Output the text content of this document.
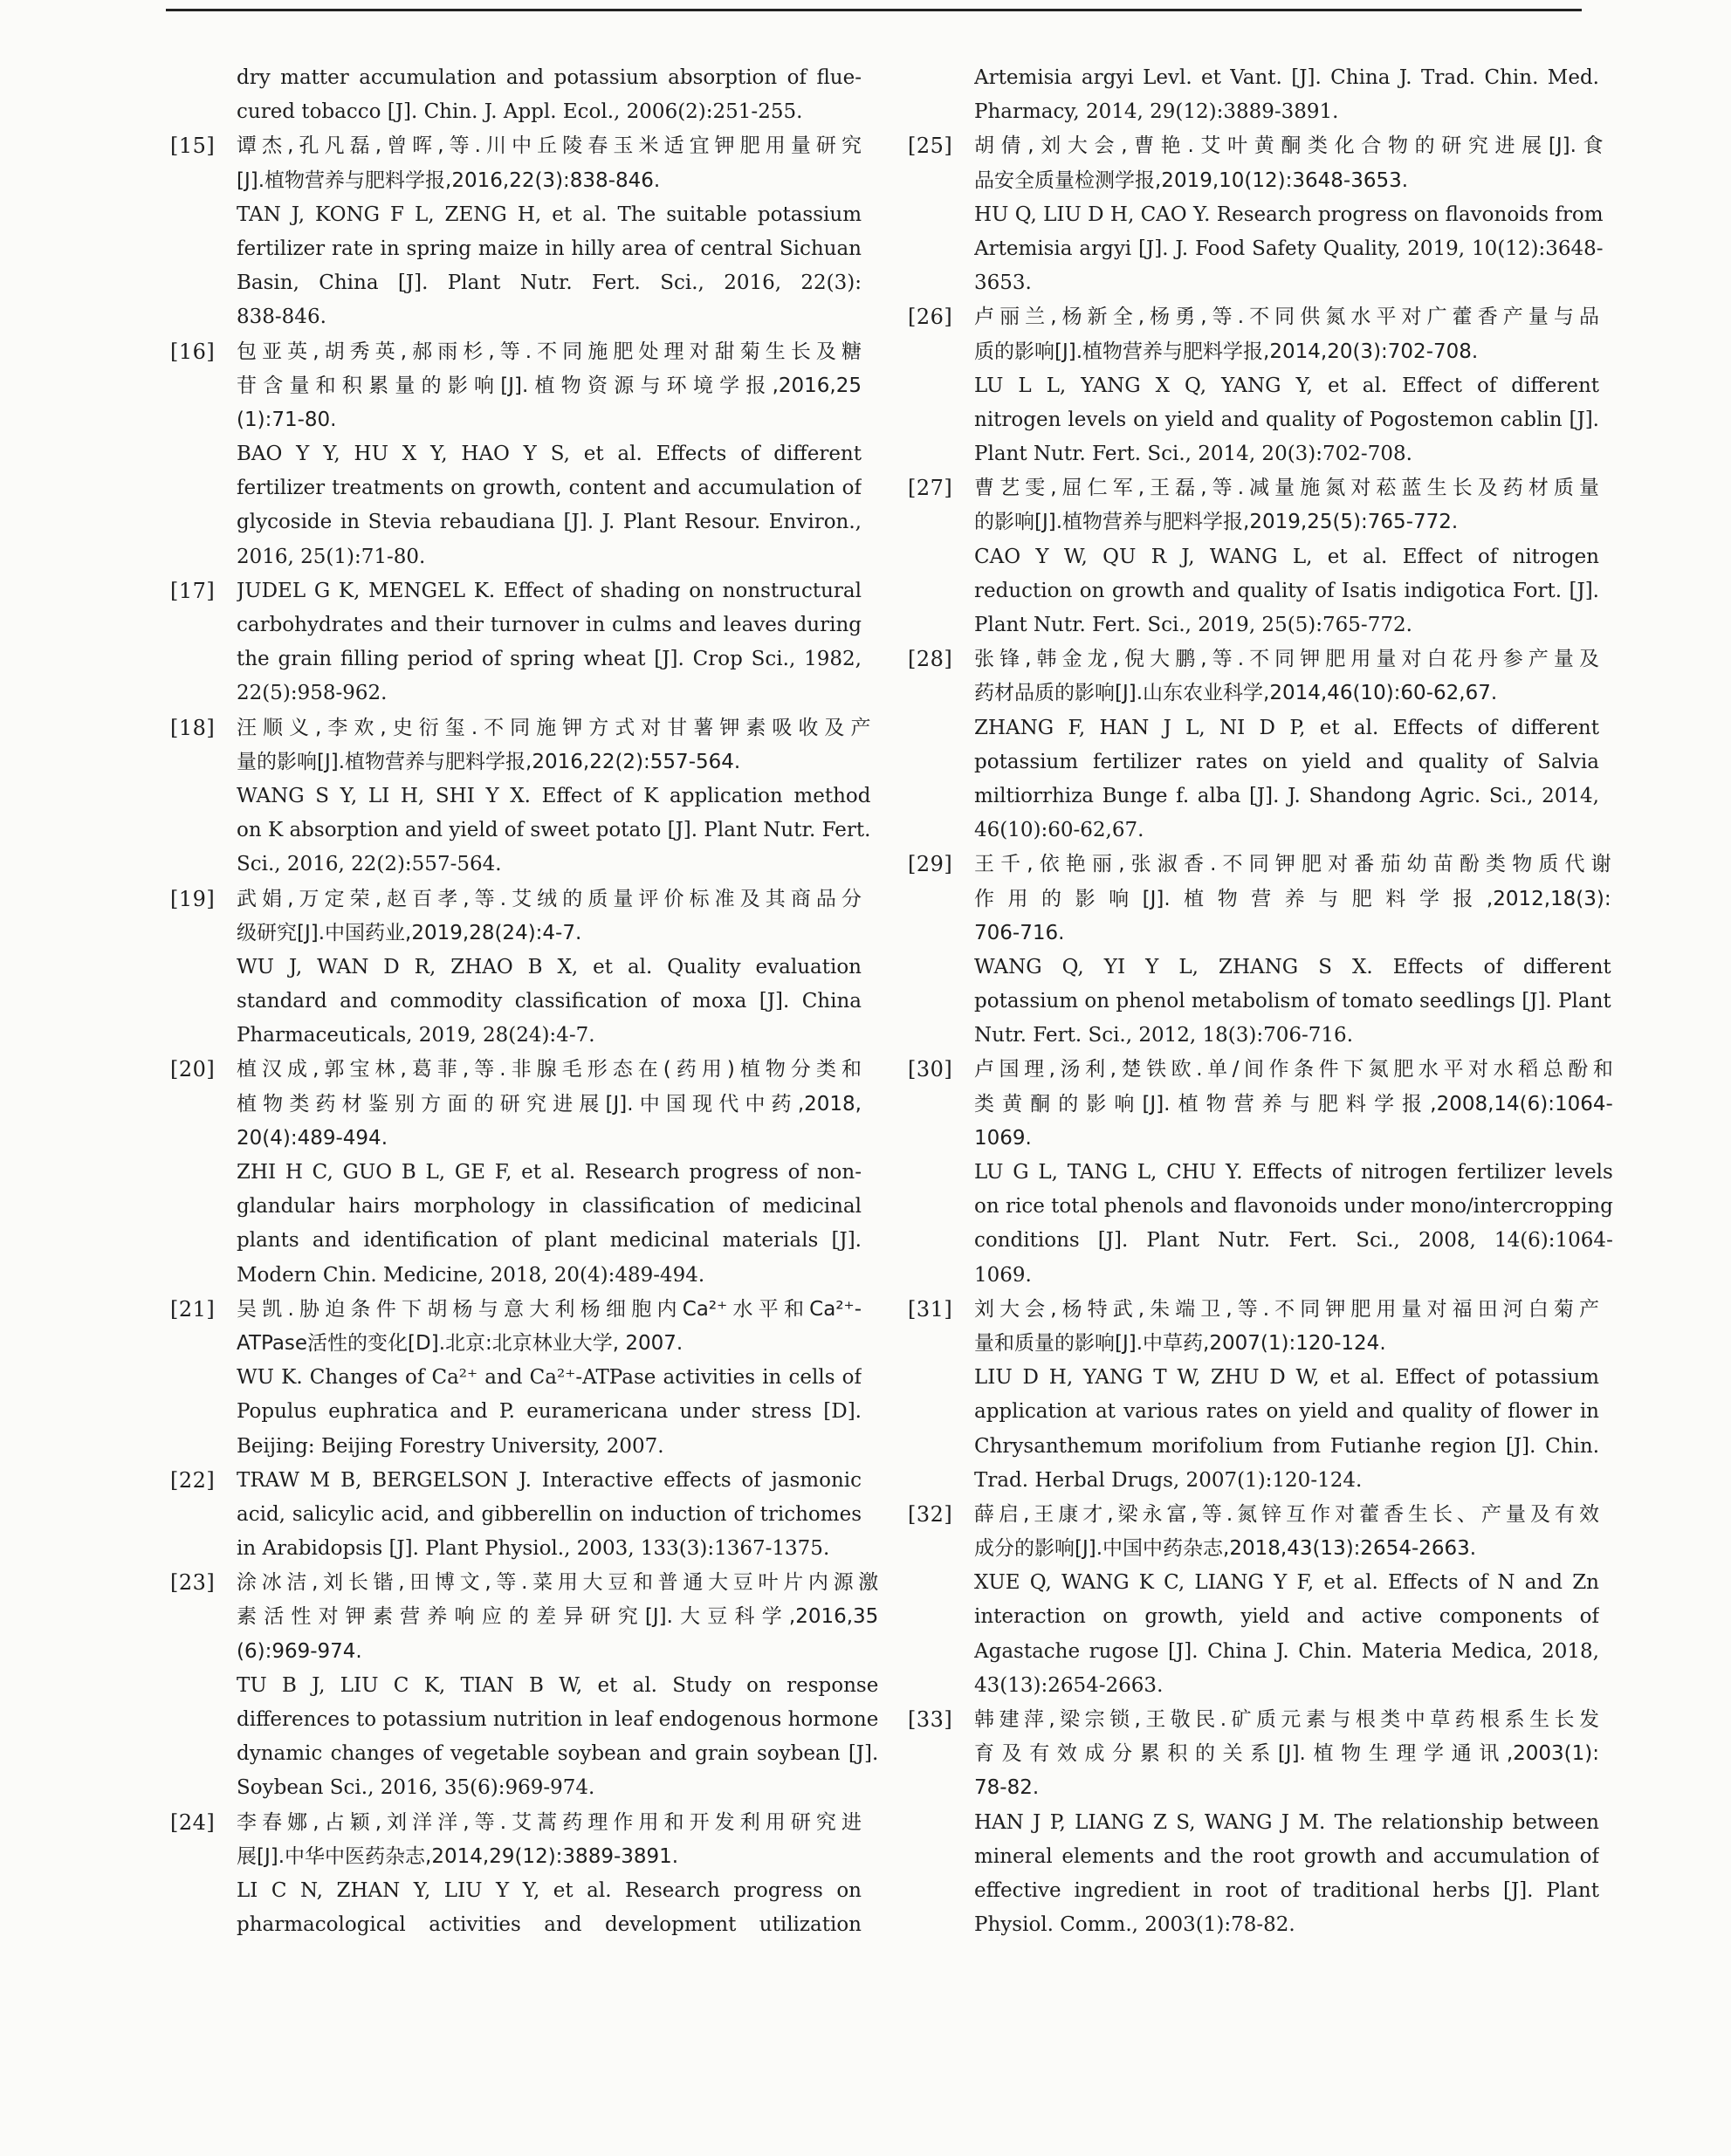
dry matter accumulation and potassium absorption of flue-
cured tobacco [J]. Chin. J. Appl. Ecol., 2006(2):251-255.
[15]	谭杰,孔凡磊,曾晖,等.川中丘陵春玉米适宜钾肥用量研究
[J].植物营养与肥料学报,2016,22(3):838-846.
TAN J, KONG F L, ZENG H, et al. The suitable potassium
fertilizer rate in spring maize in hilly area of central Sichuan
Basin, China [J]. Plant Nutr. Fert. Sci., 2016, 22(3):
838-846.
[16]	包亚英,胡秀英,郝雨杉,等.不同施肥处理对甜菊生长及糖
苷含量和积累量的影响[J].植物资源与环境学报,2016,25
(1):71-80.
BAO Y Y, HU X Y, HAO Y S, et al. Effects of different
fertilizer treatments on growth, content and accumulation of
glycoside in Stevia rebaudiana [J]. J. Plant Resour. Environ.,
2016, 25(1):71-80.
[17]	JUDEL G K, MENGEL K. Effect of shading on nonstructural
carbohydrates and their turnover in culms and leaves during
the grain filling period of spring wheat [J]. Crop Sci., 1982,
22(5):958-962.
[18]	汪顺义,李欢,史衍玺.不同施钾方式对甘薯钾素吸收及产
量的影响[J].植物营养与肥料学报,2016,22(2):557-564.
WANG S Y, LI H, SHI Y X. Effect of K application method
on K absorption and yield of sweet potato [J]. Plant Nutr. Fert.
Sci., 2016, 22(2):557-564.
[19]	武娟,万定荣,赵百孝,等.艾绒的质量评价标准及其商品分
级研究[J].中国药业,2019,28(24):4-7.
WU J, WAN D R, ZHAO B X, et al. Quality evaluation
standard and commodity classification of moxa [J]. China
Pharmaceuticals, 2019, 28(24):4-7.
[20]	植汉成,郭宝林,葛菲,等.非腺毛形态在(药用)植物分类和
植物类药材鉴别方面的研究进展[J].中国现代中药,2018,
20(4):489-494.
ZHI H C, GUO B L, GE F, et al. Research progress of non-
glandular hairs morphology in classification of medicinal
plants and identification of plant medicinal materials [J].
Modern Chin. Medicine, 2018, 20(4):489-494.
[21]	吴凯.胁迫条件下胡杨与意大利杨细胞内Ca²⁺水平和Ca²⁺-
ATPase活性的变化[D].北京:北京林业大学, 2007.
WU K. Changes of Ca²⁺ and Ca²⁺-ATPase activities in cells of
Populus euphratica and P. euramericana under stress [D].
Beijing: Beijing Forestry University, 2007.
[22]	TRAW M B, BERGELSON J. Interactive effects of jasmonic
acid, salicylic acid, and gibberellin on induction of trichomes
in Arabidopsis [J]. Plant Physiol., 2003, 133(3):1367-1375.
[23]	涂冰洁,刘长锴,田博文,等.菜用大豆和普通大豆叶片内源激
素活性对钾素营养响应的差异研究[J].大豆科学,2016,35
(6):969-974.
TU B J, LIU C K, TIAN B W, et al. Study on response
differences to potassium nutrition in leaf endogenous hormone
dynamic changes of vegetable soybean and grain soybean [J].
Soybean Sci., 2016, 35(6):969-974.
[24]	李春娜,占颖,刘洋洋,等.艾蒿药理作用和开发利用研究进
展[J].中华中医药杂志,2014,29(12):3889-3891.
LI C N, ZHAN Y, LIU Y Y, et al. Research progress on
pharmacological activities and development utilization
Artemisia argyi Levl. et Vant. [J]. China J. Trad. Chin. Med.
Pharmacy, 2014, 29(12):3889-3891.
[25]	胡倩,刘大会,曹艳.艾叶黄酮类化合物的研究进展[J].食
品安全质量检测学报,2019,10(12):3648-3653.
HU Q, LIU D H, CAO Y. Research progress on flavonoids from
Artemisia argyi [J]. J. Food Safety Quality, 2019, 10(12):3648-
3653.
[26]	卢丽兰,杨新全,杨勇,等.不同供氮水平对广藿香产量与品
质的影响[J].植物营养与肥料学报,2014,20(3):702-708.
LU L L, YANG X Q, YANG Y, et al. Effect of different
nitrogen levels on yield and quality of Pogostemon cablin [J].
Plant Nutr. Fert. Sci., 2014, 20(3):702-708.
[27]	曹艺雯,屈仁军,王磊,等.减量施氮对菘蓝生长及药材质量
的影响[J].植物营养与肥料学报,2019,25(5):765-772.
CAO Y W, QU R J, WANG L, et al. Effect of nitrogen
reduction on growth and quality of Isatis indigotica Fort. [J].
Plant Nutr. Fert. Sci., 2019, 25(5):765-772.
[28]	张锋,韩金龙,倪大鹏,等.不同钾肥用量对白花丹参产量及
药材品质的影响[J].山东农业科学,2014,46(10):60-62,67.
ZHANG F, HAN J L, NI D P, et al. Effects of different
potassium fertilizer rates on yield and quality of Salvia
miltiorrhiza Bunge f. alba [J]. J. Shandong Agric. Sci., 2014,
46(10):60-62,67.
[29]	王千,依艳丽,张淑香.不同钾肥对番茄幼苗酚类物质代谢
作用的影响[J].植物营养与肥料学报,2012,18(3):
706-716.
WANG Q, YI Y L, ZHANG S X. Effects of different
potassium on phenol metabolism of tomato seedlings [J]. Plant
Nutr. Fert. Sci., 2012, 18(3):706-716.
[30]	卢国理,汤利,楚铁欧.单/间作条件下氮肥水平对水稻总酚和
类黄酮的影响[J].植物营养与肥料学报,2008,14(6):1064-
1069.
LU G L, TANG L, CHU Y. Effects of nitrogen fertilizer levels
on rice total phenols and flavonoids under mono/intercropping
conditions [J]. Plant Nutr. Fert. Sci., 2008, 14(6):1064-
1069.
[31]	刘大会,杨特武,朱端卫,等.不同钾肥用量对福田河白菊产
量和质量的影响[J].中草药,2007(1):120-124.
LIU D H, YANG T W, ZHU D W, et al. Effect of potassium
application at various rates on yield and quality of flower in
Chrysanthemum morifolium from Futianhe region [J]. Chin.
Trad. Herbal Drugs, 2007(1):120-124.
[32]	薛启,王康才,梁永富,等.氮锌互作对藿香生长、产量及有效
成分的影响[J].中国中药杂志,2018,43(13):2654-2663.
XUE Q, WANG K C, LIANG Y F, et al. Effects of N and Zn
interaction on growth, yield and active components of
Agastache rugose [J]. China J. Chin. Materia Medica, 2018,
43(13):2654-2663.
[33]	韩建萍,梁宗锁,王敬民.矿质元素与根类中草药根系生长发
育及有效成分累积的关系[J].植物生理学通讯,2003(1):
78-82.
HAN J P, LIANG Z S, WANG J M. The relationship between
mineral elements and the root growth and accumulation of
effective ingredient in root of traditional herbs [J]. Plant
Physiol. Comm., 2003(1):78-82.
